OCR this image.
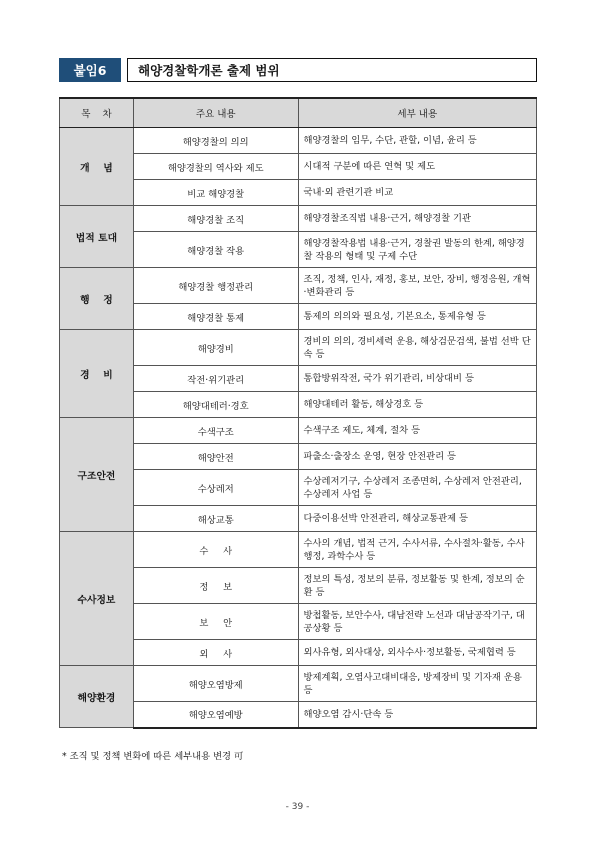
붙임6	해양경찰학개론 출제 범위
목    차	주요 내용	세부 내용
개    념	해양경찰의 의의	해양경찰의 임무, 수단, 관할, 이념, 윤리 등
	해양경찰의 역사와 제도	시대적 구분에 따른 연혁 및 제도
	비교 해양경찰	국내·외 관련기관 비교
법적 토대	해양경찰 조직	해양경찰조직법 내용·근거, 해양경찰 기관
	해양경찰 작용	해양경찰작용법 내용·근거, 경찰권 발동의 한계, 해양경찰 작용의 형태 및 구제 수단
행    정	해양경찰 행정관리	조직, 정책, 인사, 재정, 홍보, 보안, 장비, 행정응원, 개혁·변화관리 등
	해양경찰 통제	통제의 의의와 필요성, 기본요소, 통제유형 등
경    비	해양경비	경비의 의의, 경비세력 운용, 해상검문검색, 불법 선박 단속 등
	작전·위기관리	통합방위작전, 국가 위기관리, 비상대비 등
	해양대테러·경호	해양대테러 활동, 해상경호 등
구조안전	수색구조	수색구조 제도, 체계, 절차 등
	해양안전	파출소·출장소 운영, 현장 안전관리 등
	수상레저	수상레저기구, 수상레저 조종면허, 수상레저 안전관리, 수상레저 사업 등
	해상교통	다중이용선박 안전관리, 해상교통관제 등
수사정보	수     사	수사의 개념, 법적 근거, 수사서류, 수사절차·활동, 수사행정, 과학수사 등
	정     보	정보의 특성, 정보의 분류, 정보활동 및 한계, 정보의 순환 등
	보     안	방첩활동, 보안수사, 대남전략 노선과 대남공작기구, 대공상황 등
	외     사	외사유형, 외사대상, 외사수사·정보활동, 국제협력 등
해양환경	해양오염방제	방제계획, 오염사고대비대응, 방제장비 및 기자재 운용 등
	해양오염예방	해양오염 감시·단속 등
* 조직 및 정책 변화에 따른 세부내용 변경 可
- 39 -
